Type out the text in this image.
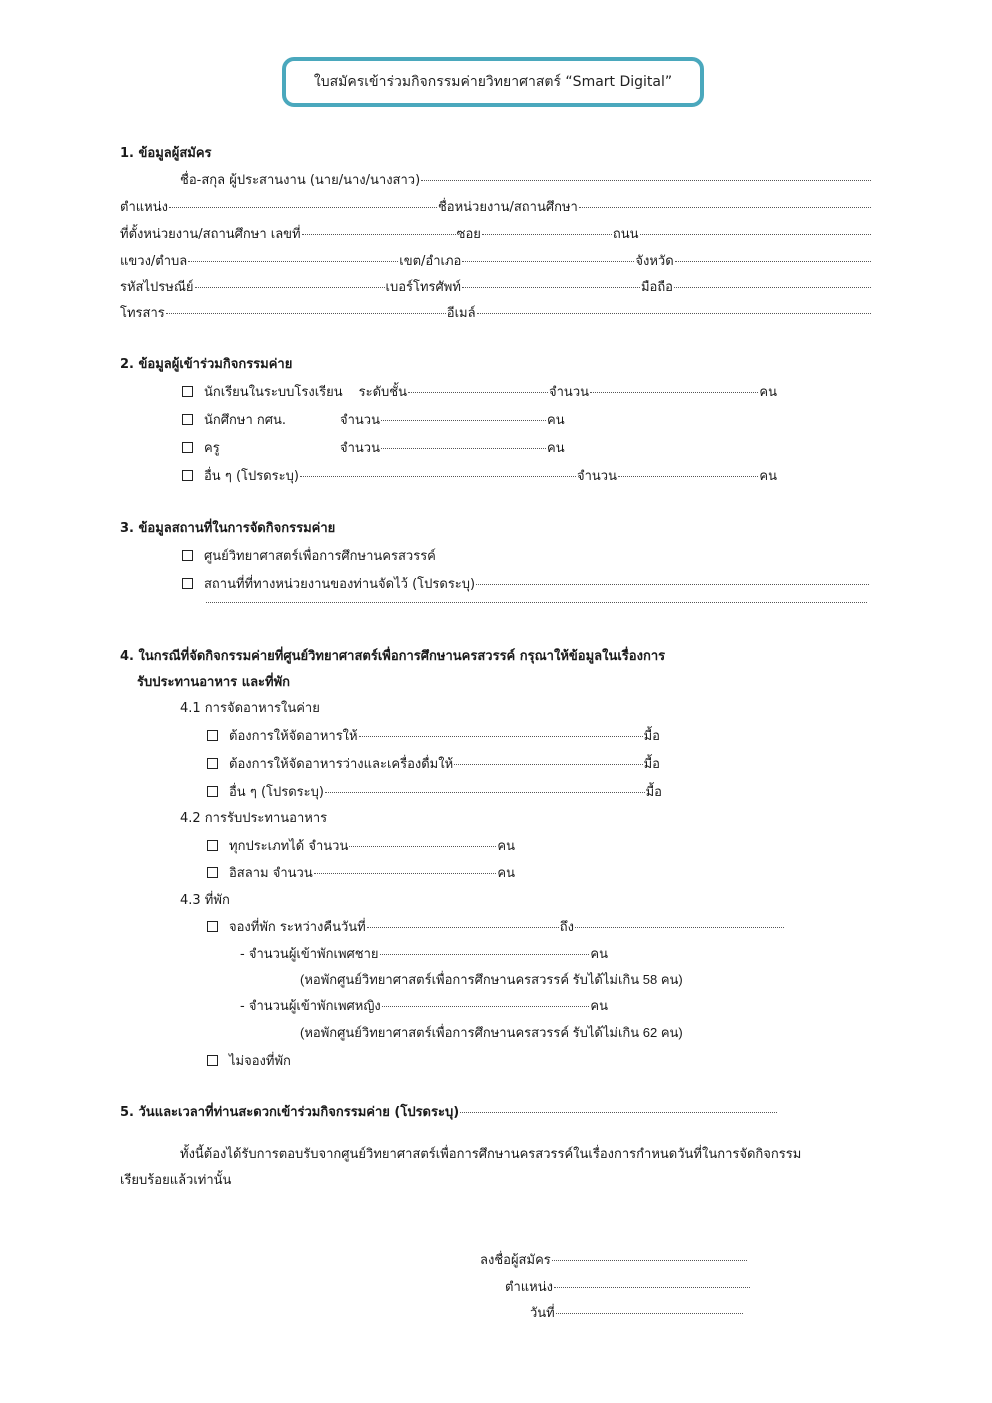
ใบสมัครเข้าร่วมกิจกรรมค่ายวิทยาศาสตร์ “Smart Digital”
1. ข้อมูลผู้สมัคร
ชื่อ-สกุล ผู้ประสานงาน (นาย/นาง/นางสาว)
ตำแหน่ง	ชื่อหน่วยงาน/สถานศึกษา
ที่ตั้งหน่วยงาน/สถานศึกษา เลขที่	ซอย	ถนน
แขวง/ตำบล	เขต/อำเภอ	จังหวัด
รหัสไปรษณีย์	เบอร์โทรศัพท์	มือถือ
โทรสาร	อีเมล์
2. ข้อมูลผู้เข้าร่วมกิจกรรมค่าย
นักเรียนในระบบโรงเรียน ระดับชั้น	จำนวน	คน
นักศึกษา กศน.	จำนวน	คน
ครู	จำนวน	คน
อื่น ๆ (โปรดระบุ)	จำนวน	คน
3. ข้อมูลสถานที่ในการจัดกิจกรรมค่าย
ศูนย์วิทยาศาสตร์เพื่อการศึกษานครสวรรค์
สถานที่ที่ทางหน่วยงานของท่านจัดไว้ (โปรดระบุ)
4. ในกรณีที่จัดกิจกรรมค่ายที่ศูนย์วิทยาศาสตร์เพื่อการศึกษานครสวรรค์ กรุณาให้ข้อมูลในเรื่องการ
รับประทานอาหาร และที่พัก
4.1 การจัดอาหารในค่าย
ต้องการให้จัดอาหารให้	มื้อ
ต้องการให้จัดอาหารว่างและเครื่องดื่มให้	มื้อ
อื่น ๆ (โปรดระบุ)	มื้อ
4.2 การรับประทานอาหาร
ทุกประเภทได้ จำนวน	คน
อิสลาม จำนวน	คน
4.3 ที่พัก
จองที่พัก ระหว่างคืนวันที่	ถึง
- จำนวนผู้เข้าพักเพศชาย	คน
(หอพักศูนย์วิทยาศาสตร์เพื่อการศึกษานครสวรรค์ รับได้ไม่เกิน 58 คน)
- จำนวนผู้เข้าพักเพศหญิง	คน
(หอพักศูนย์วิทยาศาสตร์เพื่อการศึกษานครสวรรค์ รับได้ไม่เกิน 62 คน)
ไม่จองที่พัก
5. วันและเวลาที่ท่านสะดวกเข้าร่วมกิจกรรมค่าย (โปรดระบุ)
ทั้งนี้ต้องได้รับการตอบรับจากศูนย์วิทยาศาสตร์เพื่อการศึกษานครสวรรค์ในเรื่องการกำหนดวันที่ในการจัดกิจกรรม
เรียบร้อยแล้วเท่านั้น
ลงชื่อผู้สมัคร
ตำแหน่ง
วันที่
